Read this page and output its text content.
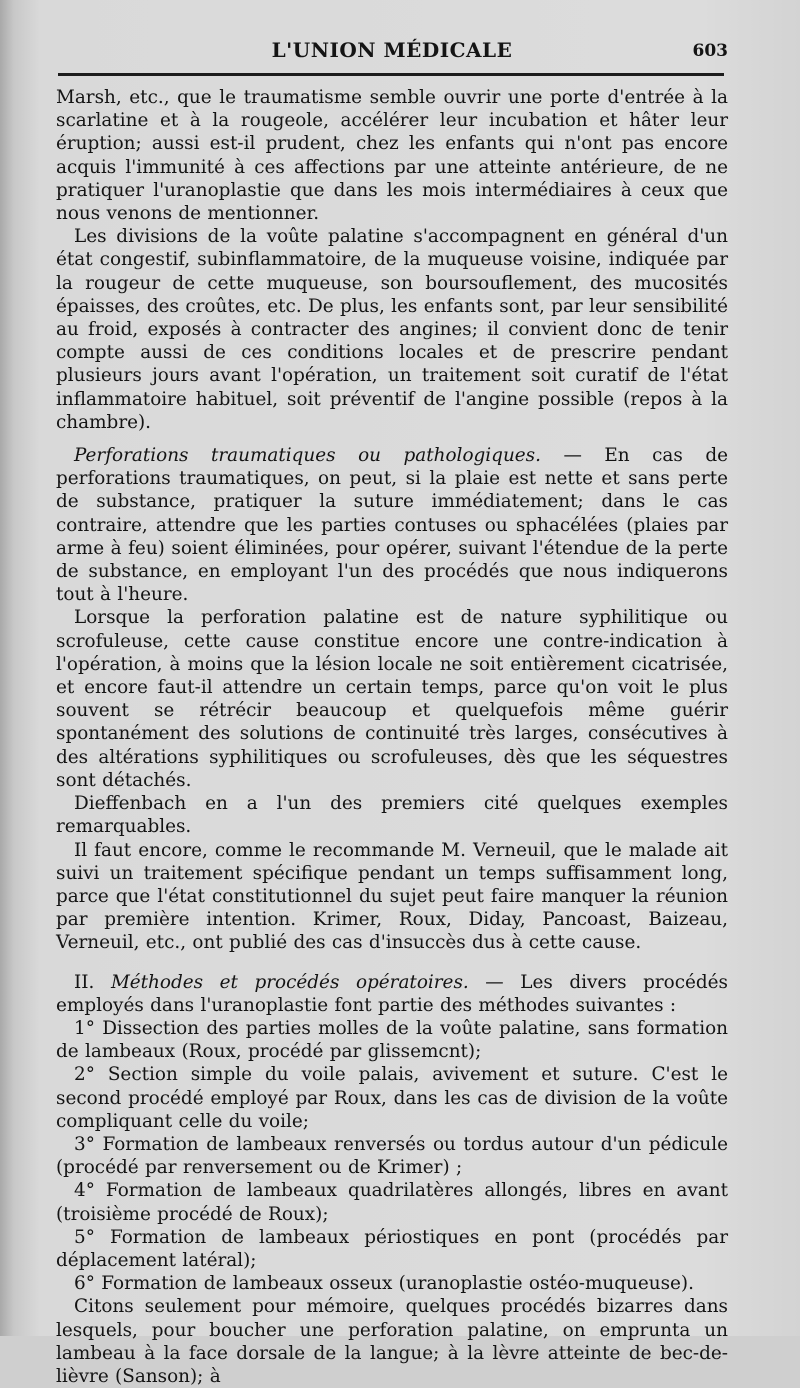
L'UNION MÉDICALE	603

Marsh, etc., que le traumatisme semble ouvrir une porte d'entrée à la scarlatine et à la rougeole, accélérer leur incubation et hâter leur éruption; aussi est-il prudent, chez les enfants qui n'ont pas encore acquis l'immunité à ces affections par une atteinte antérieure, de ne pratiquer l'uranoplastie que dans les mois intermédiaires à ceux que nous venons de mentionner.

Les divisions de la voûte palatine s'accompagnent en général d'un état congestif, subinflammatoire, de la muqueuse voisine, indiquée par la rougeur de cette muqueuse, son boursouflement, des mucosités épaisses, des croûtes, etc. De plus, les enfants sont, par leur sensibilité au froid, exposés à contracter des angines; il convient donc de tenir compte aussi de ces conditions locales et de prescrire pendant plusieurs jours avant l'opération, un traitement soit curatif de l'état inflammatoire habituel, soit préventif de l'angine possible (repos à la chambre).

Perforations traumatiques ou pathologiques. — En cas de perforations traumatiques, on peut, si la plaie est nette et sans perte de substance, pratiquer la suture immédiatement; dans le cas contraire, attendre que les parties contuses ou sphacélées (plaies par arme à feu) soient éliminées, pour opérer, suivant l'étendue de la perte de substance, en employant l'un des procédés que nous indiquerons tout à l'heure.

Lorsque la perforation palatine est de nature syphilitique ou scrofuleuse, cette cause constitue encore une contre-indication à l'opération, à moins que la lésion locale ne soit entièrement cicatrisée, et encore faut-il attendre un certain temps, parce qu'on voit le plus souvent se rétrécir beaucoup et quelquefois même guérir spontanément des solutions de continuité très larges, consécutives à des altérations syphilitiques ou scrofuleuses, dès que les séquestres sont détachés.

Dieffenbach en a l'un des premiers cité quelques exemples remarquables.

Il faut encore, comme le recommande M. Verneuil, que le malade ait suivi un traitement spécifique pendant un temps suffisamment long, parce que l'état constitutionnel du sujet peut faire manquer la réunion par première intention. Krimer, Roux, Diday, Pancoast, Baizeau, Verneuil, etc., ont publié des cas d'insuccès dus à cette cause.

II. Méthodes et procédés opératoires. — Les divers procédés employés dans l'uranoplastie font partie des méthodes suivantes :

1° Dissection des parties molles de la voûte palatine, sans formation de lambeaux (Roux, procédé par glissemcnt);

2° Section simple du voile palais, avivement et suture. C'est le second procédé employé par Roux, dans les cas de division de la voûte compliquant celle du voile;

3° Formation de lambeaux renversés ou tordus autour d'un pédicule (procédé par renversement ou de Krimer) ;

4° Formation de lambeaux quadrilatères allongés, libres en avant (troisième procédé de Roux);

5° Formation de lambeaux périostiques en pont (procédés par déplacement latéral);

6° Formation de lambeaux osseux (uranoplastie ostéo-muqueuse).

Citons seulement pour mémoire, quelques procédés bizarres dans lesquels, pour boucher une perforation palatine, on emprunta un lambeau à la face dorsale de la langue; à la lèvre atteinte de bec-de-lièvre (Sanson); à
